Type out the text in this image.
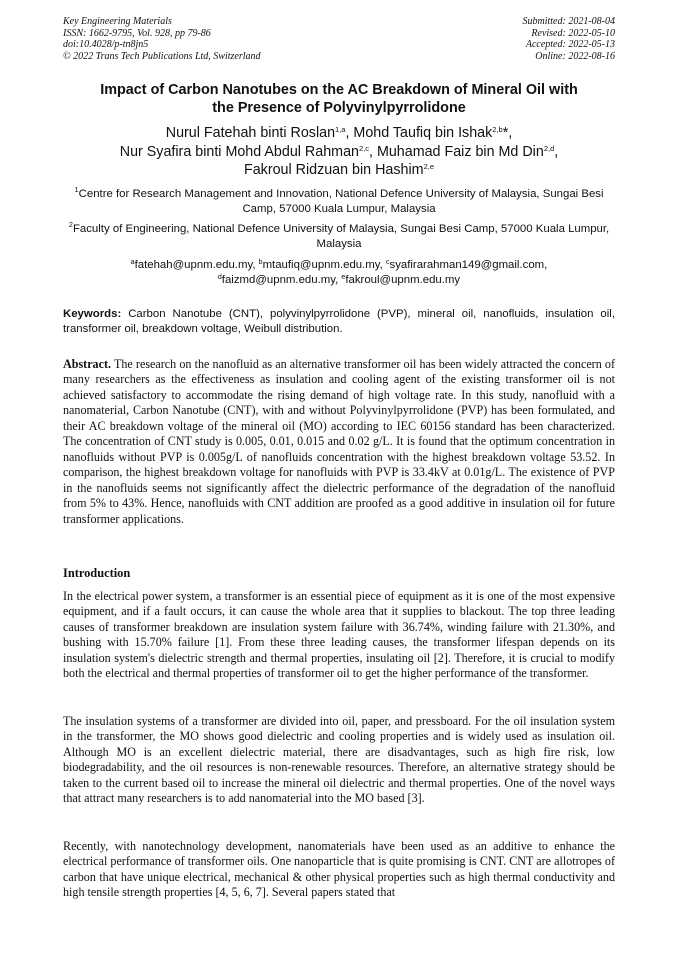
Key Engineering Materials
ISSN: 1662-9795, Vol. 928, pp 79-86
doi:10.4028/p-tn8jn5
© 2022 Trans Tech Publications Ltd, Switzerland
Submitted: 2021-08-04
Revised: 2022-05-10
Accepted: 2022-05-13
Online: 2022-08-16
Impact of Carbon Nanotubes on the AC Breakdown of Mineral Oil with
the Presence of Polyvinylpyrrolidone
Nurul Fatehah binti Roslan$^{1,a}$, Mohd Taufiq bin Ishak$^{2,b}$*,
Nur Syafira binti Mohd Abdul Rahman$^{2,c}$, Muhamad Faiz bin Md Din$^{2,d}$,
Fakroul Ridzuan bin Hashim$^{2,e}$
$^1$Centre for Research Management and Innovation, National Defence University of Malaysia, Sungai Besi Camp, 57000 Kuala Lumpur, Malaysia
$^2$Faculty of Engineering, National Defence University of Malaysia, Sungai Besi Camp, 57000 Kuala Lumpur, Malaysia
$^a$fatehah@upnm.edu.my, $^b$mtaufiq@upnm.edu.my, $^c$syafirarahman149@gmail.com,
$^d$faizmd@upnm.edu.my, $^e$fakroul@upnm.edu.my
Keywords: Carbon Nanotube (CNT), polyvinylpyrrolidone (PVP), mineral oil, nanofluids, insulation oil, transformer oil, breakdown voltage, Weibull distribution.
Abstract. The research on the nanofluid as an alternative transformer oil has been widely attracted the concern of many researchers as the effectiveness as insulation and cooling agent of the existing transformer oil is not achieved satisfactory to accommodate the rising demand of high voltage rate. In this study, nanofluid with a nanomaterial, Carbon Nanotube (CNT), with and without Polyvinylpyrrolidone (PVP) has been formulated, and their AC breakdown voltage of the mineral oil (MO) according to IEC 60156 standard has been characterized. The concentration of CNT study is 0.005, 0.01, 0.015 and 0.02 g/L. It is found that the optimum concentration in nanofluids without PVP is 0.005g/L of nanofluids concentration with the highest breakdown voltage 53.52. In comparison, the highest breakdown voltage for nanofluids with PVP is 33.4kV at 0.01g/L. The existence of PVP in the nanofluids seems not significantly affect the dielectric performance of the degradation of the nanofluid from 5% to 43%. Hence, nanofluids with CNT addition are proofed as a good additive in insulation oil for future transformer applications.
Introduction
In the electrical power system, a transformer is an essential piece of equipment as it is one of the most expensive equipment, and if a fault occurs, it can cause the whole area that it supplies to blackout. The top three leading causes of transformer breakdown are insulation system failure with 36.74%, winding failure with 21.30%, and bushing with 15.70% failure [1]. From these three leading causes, the transformer lifespan depends on its insulation system's dielectric strength and thermal properties, insulating oil [2]. Therefore, it is crucial to modify both the electrical and thermal properties of transformer oil to get the higher performance of the transformer.
The insulation systems of a transformer are divided into oil, paper, and pressboard. For the oil insulation system in the transformer, the MO shows good dielectric and cooling properties and is widely used as insulation oil. Although MO is an excellent dielectric material, there are disadvantages, such as high fire risk, low biodegradability, and the oil resources is non-renewable resources. Therefore, an alternative strategy should be taken to the current based oil to increase the mineral oil dielectric and thermal properties. One of the novel ways that attract many researchers is to add nanomaterial into the MO based [3].
Recently, with nanotechnology development, nanomaterials have been used as an additive to enhance the electrical performance of transformer oils. One nanoparticle that is quite promising is CNT. CNT are allotropes of carbon that have unique electrical, mechanical & other physical properties such as high thermal conductivity and high tensile strength properties [4, 5, 6, 7]. Several papers stated that
